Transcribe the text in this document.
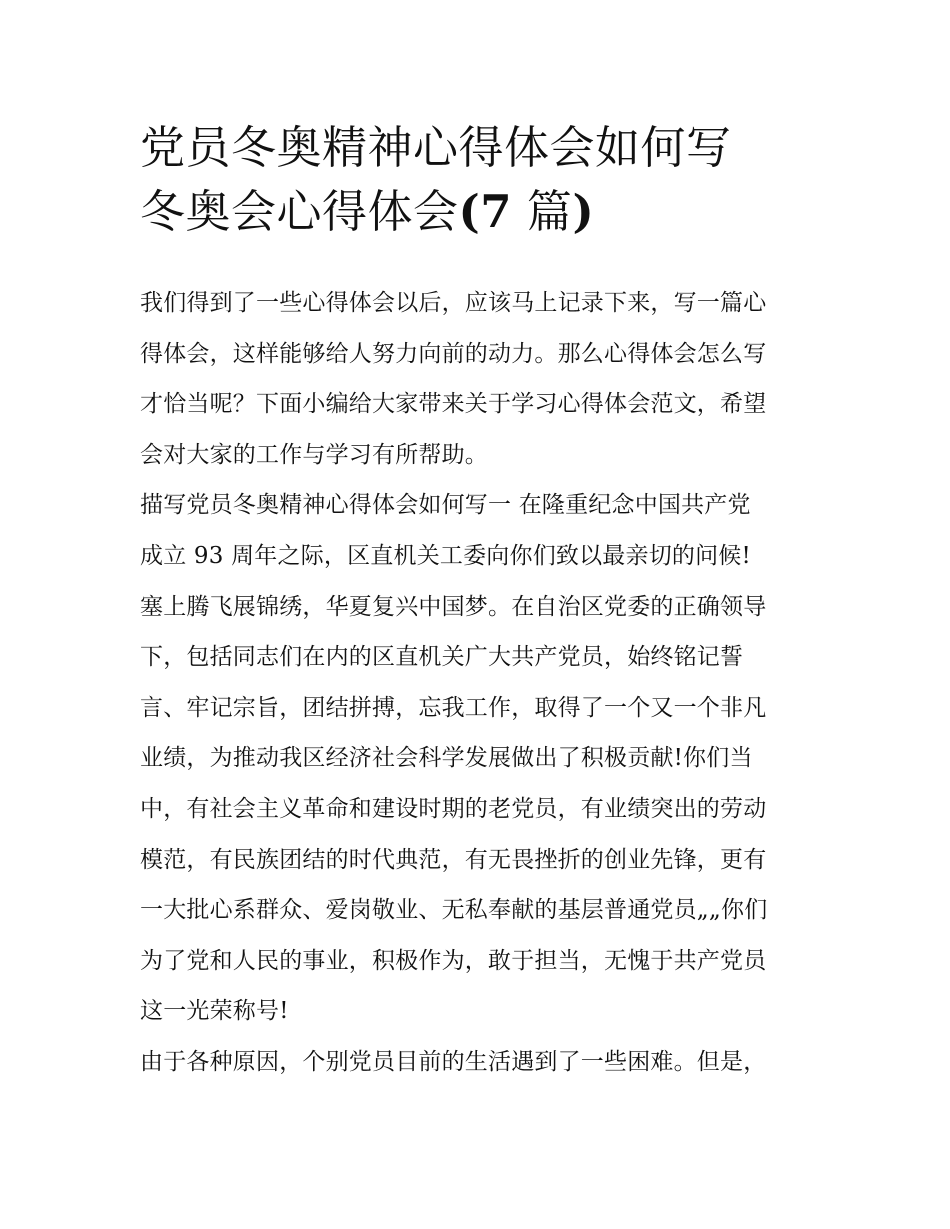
党员冬奥精神心得体会如何写
冬奥会心得体会(7 篇)
我们得到了一些心得体会以后，应该马上记录下来，写一篇心
得体会，这样能够给人努力向前的动力。那么心得体会怎么写
才恰当呢？下面小编给大家带来关于学习心得体会范文，希望
会对大家的工作与学习有所帮助。
描写党员冬奥精神心得体会如何写一 在隆重纪念中国共产党
成立 93 周年之际，区直机关工委向你们致以最亲切的问候!
塞上腾飞展锦绣，华夏复兴中国梦。在自治区党委的正确领导
下，包括同志们在内的区直机关广大共产党员，始终铭记誓
言、牢记宗旨，团结拼搏，忘我工作，取得了一个又一个非凡
业绩，为推动我区经济社会科学发展做出了积极贡献!你们当
中，有社会主义革命和建设时期的老党员，有业绩突出的劳动
模范，有民族团结的时代典范，有无畏挫折的创业先锋，更有
一大批心系群众、爱岗敬业、无私奉献的基层普通党员„„你们
为了党和人民的事业，积极作为，敢于担当，无愧于共产党员
这一光荣称号!
由于各种原因，个别党员目前的生活遇到了一些困难。但是，
